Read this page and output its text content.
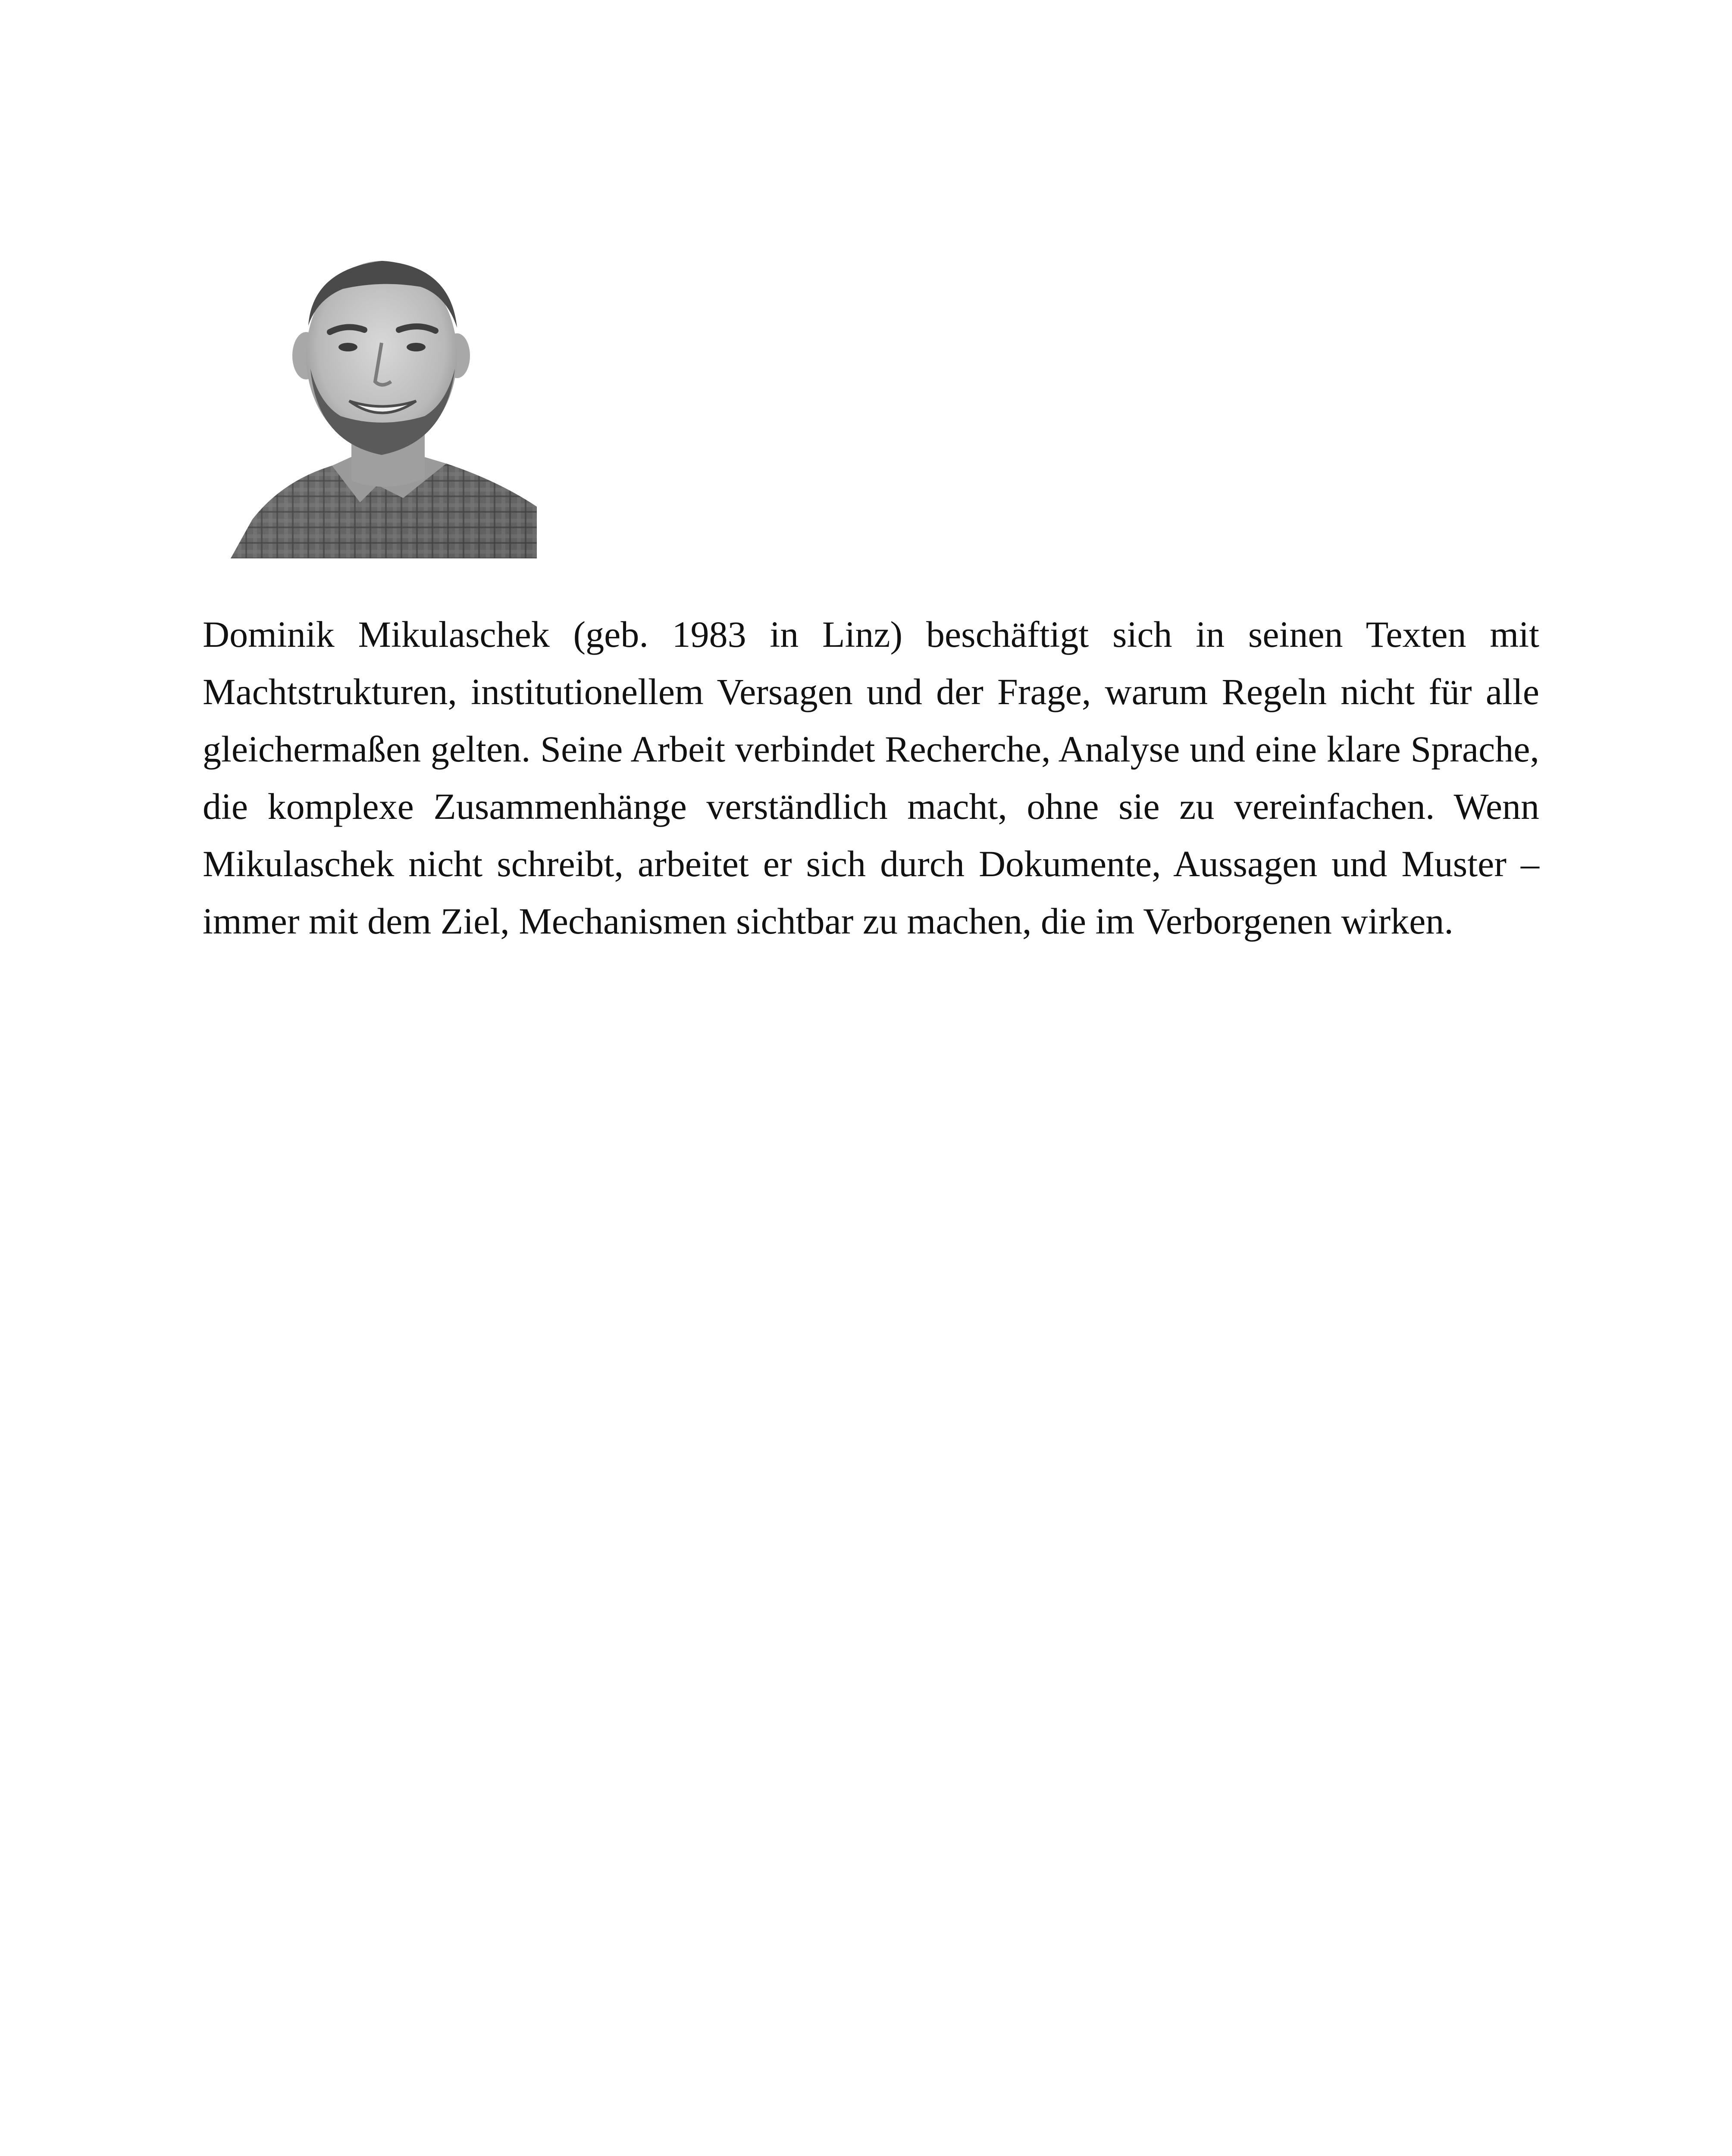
Dominik Mikulaschek (geb. 1983 in Linz) beschäftigt sich in seinen Texten mit Machtstrukturen, institutionellem Versagen und der Frage, warum Regeln nicht für alle gleichermaßen gelten. Seine Arbeit verbindet Recherche, Analyse und eine klare Sprache, die komplexe Zusammenhänge verständlich macht, ohne sie zu vereinfachen. Wenn Mikulaschek nicht schreibt, arbeitet er sich durch Dokumente, Aussagen und Muster – immer mit dem Ziel, Mechanismen sichtbar zu machen, die im Verborgenen wirken.
